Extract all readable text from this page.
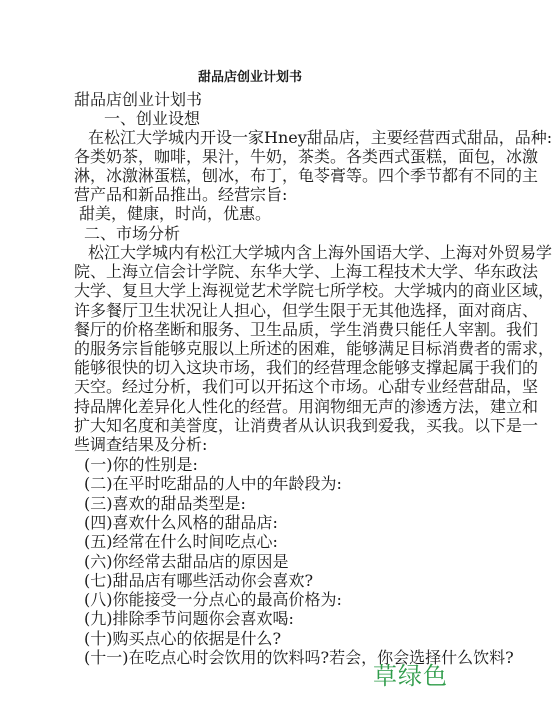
甜品店创业计划书
甜品店创业计划书
一、创业设想
在松江大学城内开设一家Hney甜品店，主要经营西式甜品，品种:
各类奶茶，咖啡，果汁，牛奶，茶类。各类西式蛋糕，面包，冰激
淋，冰激淋蛋糕，刨冰，布丁，龟苓膏等。四个季节都有不同的主
营产品和新品推出。经营宗旨:
甜美，健康，时尚，优惠。
二、市场分析
松江大学城内有松江大学城内含上海外国语大学、上海对外贸易学
院、上海立信会计学院、东华大学、上海工程技术大学、华东政法
大学、复旦大学上海视觉艺术学院七所学校。大学城内的商业区域，
许多餐厅卫生状况让人担心，但学生限于无其他选择，面对商店、
餐厅的价格垄断和服务、卫生品质，学生消费只能任人宰割。我们
的服务宗旨能够克服以上所述的困难，能够满足目标消费者的需求，
能够很快的切入这块市场，我们的经营理念能够支撑起属于我们的
天空。经过分析，我们可以开拓这个市场。心甜专业经营甜品，坚
持品牌化差异化人性化的经营。用润物细无声的渗透方法，建立和
扩大知名度和美誉度，让消费者从认识我到爱我，买我。以下是一
些调查结果及分析:
(一)你的性别是:
(二)在平时吃甜品的人中的年龄段为:
(三)喜欢的甜品类型是:
(四)喜欢什么风格的甜品店:
(五)经常在什么时间吃点心:
(六)你经常去甜品店的原因是
(七)甜品店有哪些活动你会喜欢?
(八)你能接受一分点心的最高价格为:
(九)排除季节问题你会喜欢喝:
(十)购买点心的依据是什么?
(十一)在吃点心时会饮用的饮料吗?若会，你会选择什么饮料?
草绿色
